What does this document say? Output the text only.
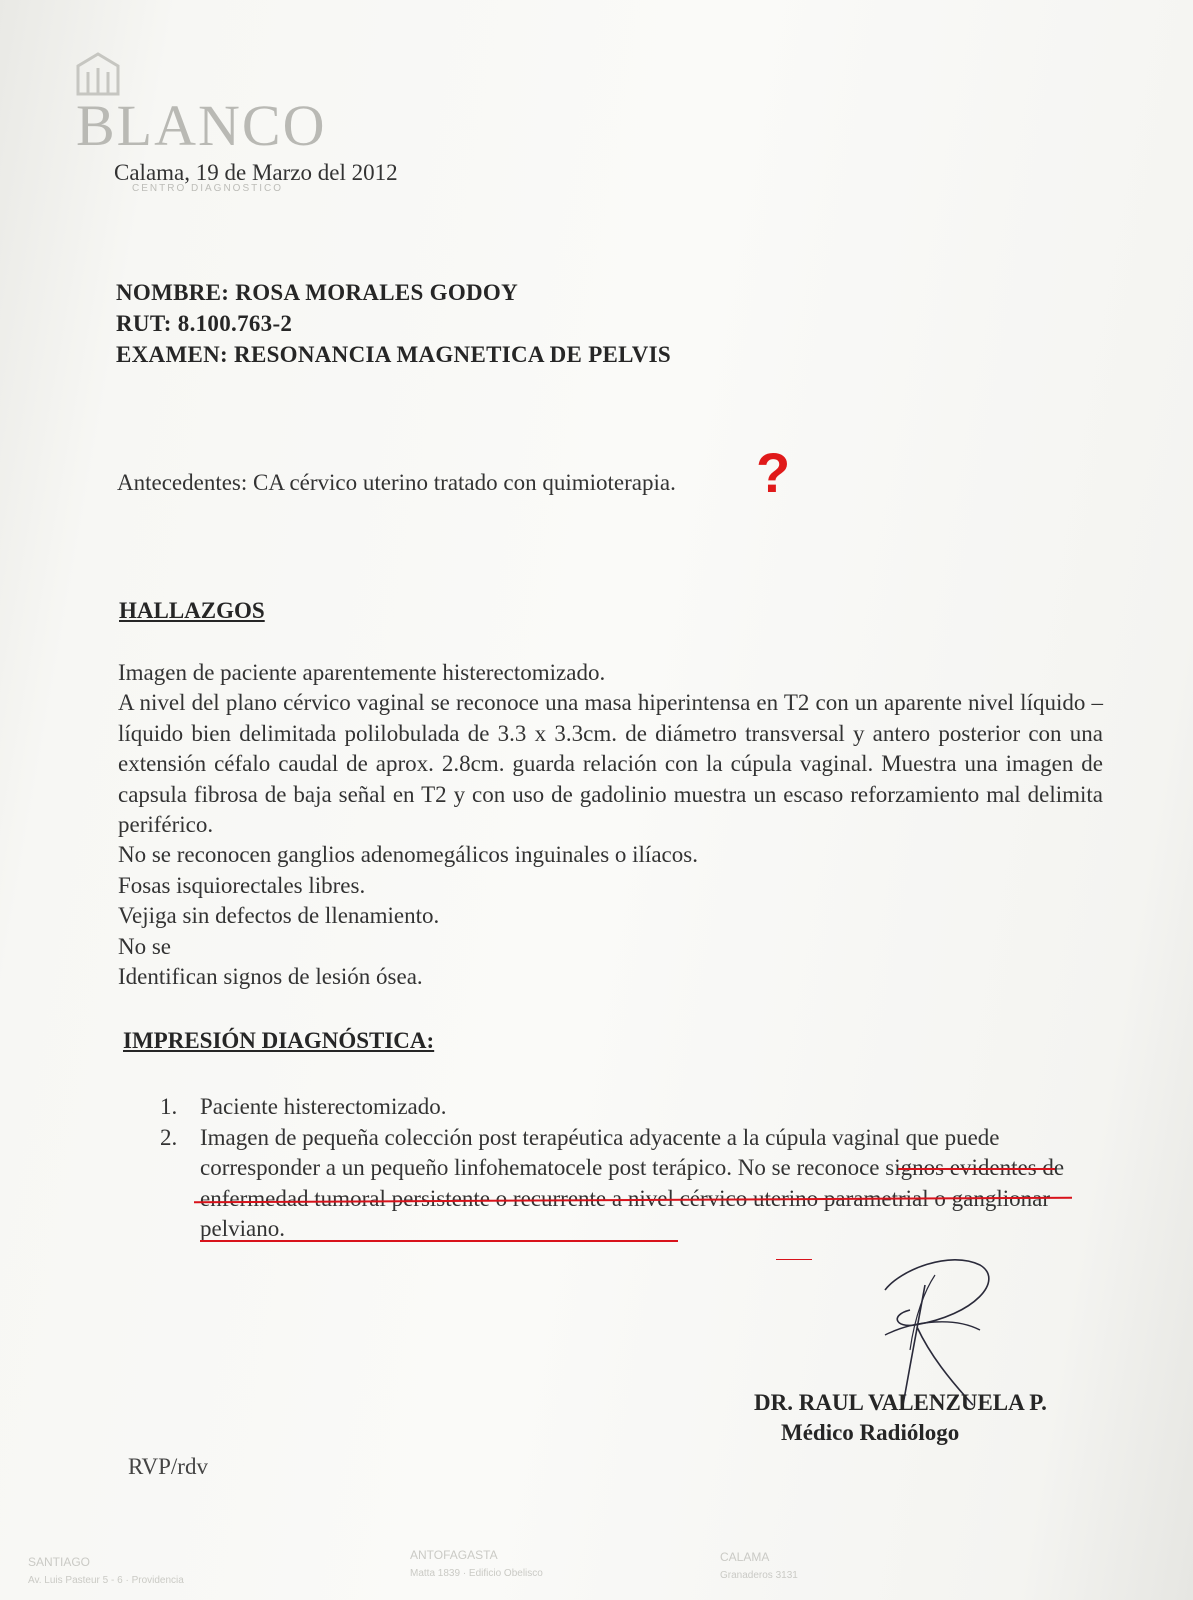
BLANCO
CENTRO DIAGNOSTICO
Calama, 19 de Marzo del 2012
NOMBRE: ROSA MORALES GODOY
RUT: 8.100.763-2
EXAMEN: RESONANCIA MAGNETICA DE PELVIS
Antecedentes: CA cérvico uterino tratado con quimioterapia. ?
HALLAZGOS
Imagen de paciente aparentemente histerectomizado.
A nivel del plano cérvico vaginal se reconoce una masa hiperintensa en T2 con un aparente nivel líquido – líquido bien delimitada polilobulada de 3.3 x 3.3cm. de diámetro transversal y antero posterior con una extensión céfalo caudal de aprox. 2.8cm. guarda relación con la cúpula vaginal. Muestra una imagen de capsula fibrosa de baja señal en T2 y con uso de gadolinio muestra un escaso reforzamiento mal delimita periférico.
No se reconocen ganglios adenomegálicos inguinales o ilíacos.
Fosas isquiorectales libres.
Vejiga sin defectos de llenamiento.
No se
Identifican signos de lesión ósea.
IMPRESIÓN DIAGNÓSTICA:
1. Paciente histerectomizado.
2. Imagen de pequeña colección post terapéutica adyacente a la cúpula vaginal que puede corresponder a un pequeño linfohematocele post terápico. No se reconoce signos evidentes de enfermedad tumoral persistente o recurrente a nivel cérvico uterino parametrial o ganglionar pelviano.
DR. RAUL VALENZUELA P.
Médico Radiólogo
RVP/rdv
SANTIAGO
Av. Luis Pasteur 5 - 6 · Providencia
ANTOFAGASTA
Matta 1839 · Edificio Obelisco
CALAMA
Granaderos 3131
